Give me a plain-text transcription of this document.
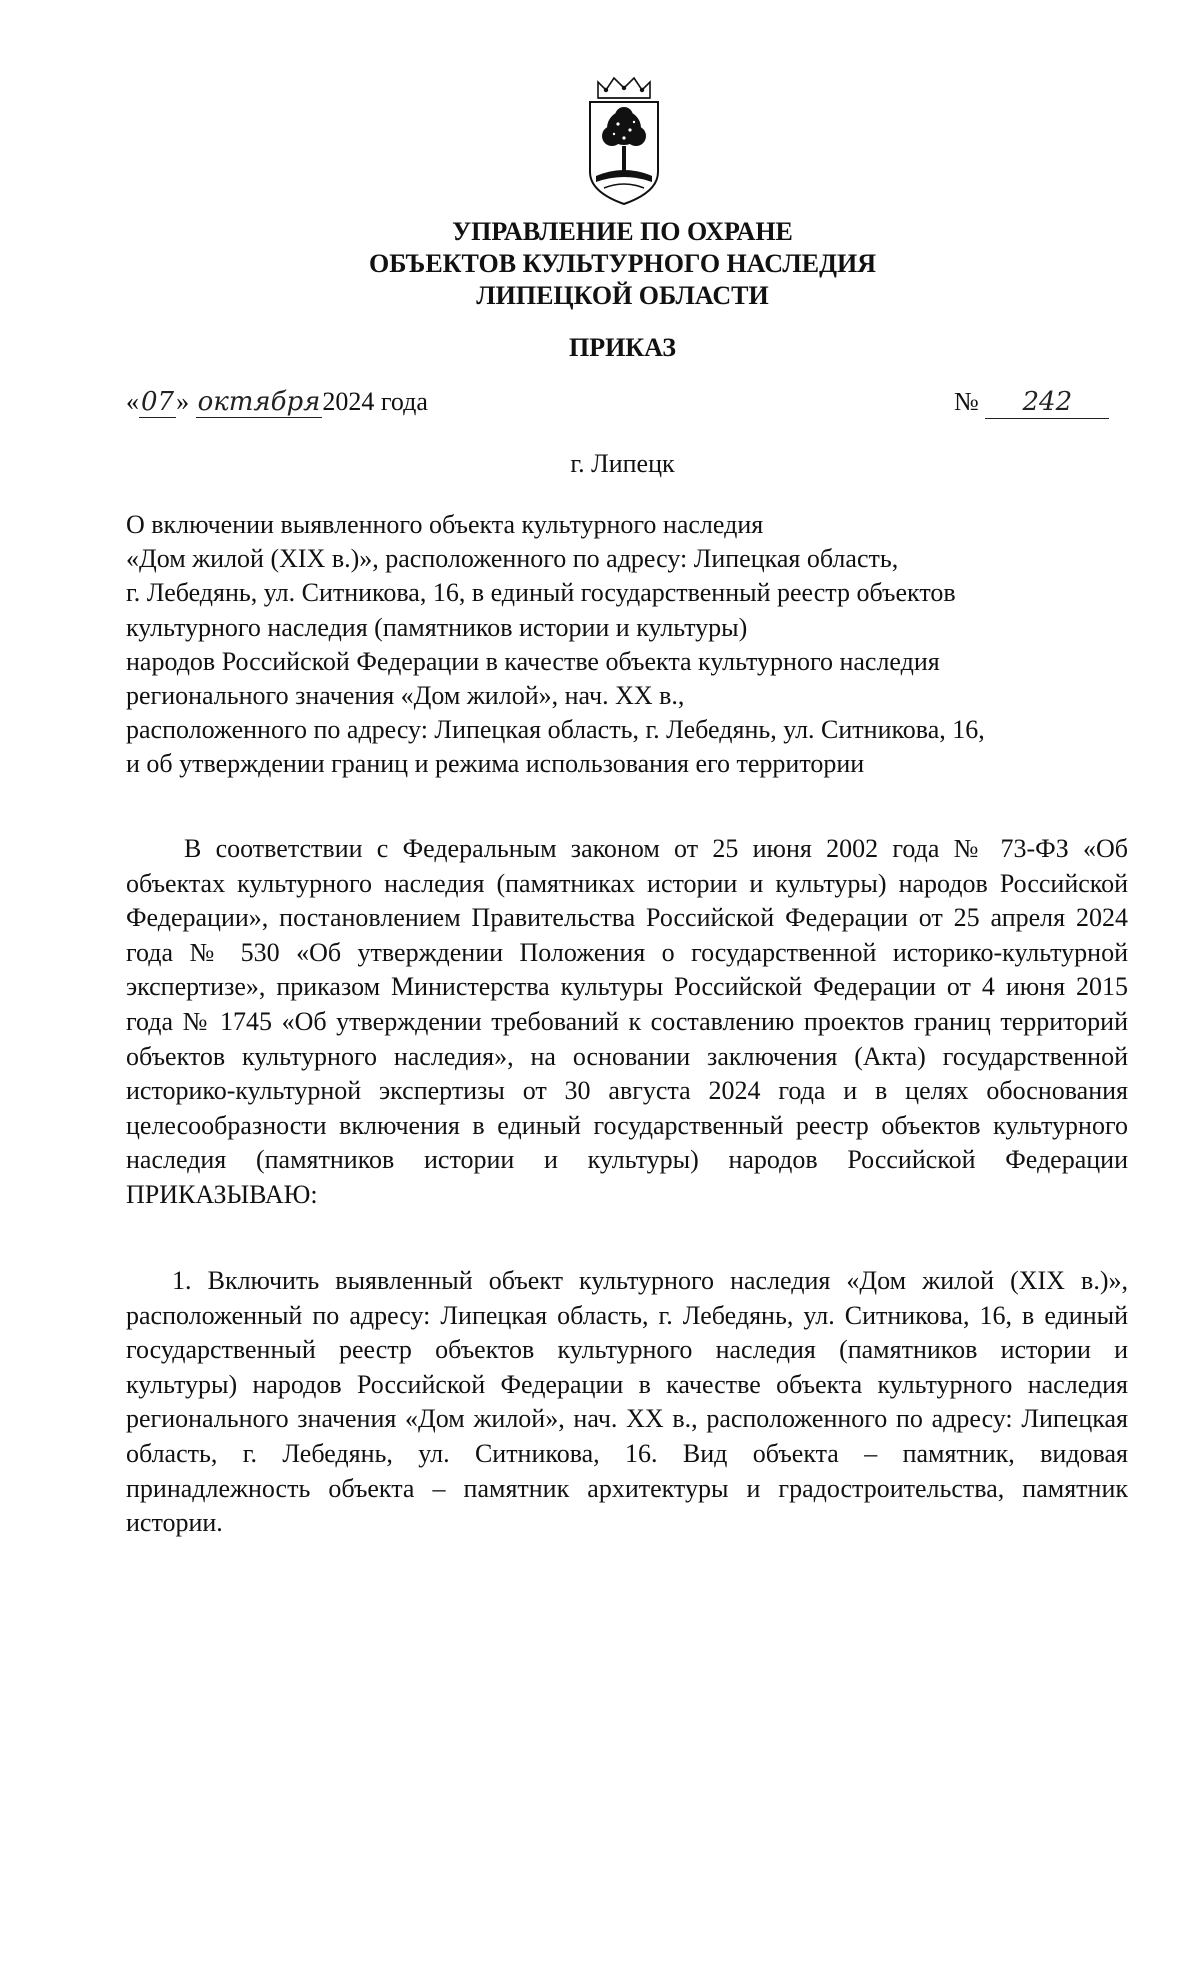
УПРАВЛЕНИЕ ПО ОХРАНЕ
ОБЪЕКТОВ КУЛЬТУРНОГО НАСЛЕДИЯ
ЛИПЕЦКОЙ ОБЛАСТИ
ПРИКАЗ
«07» октября2024 года	№ 242
г. Липецк
О включении выявленного объекта культурного наследия
«Дом жилой (XIX в.)», расположенного по адресу: Липецкая область,
г. Лебедянь, ул. Ситникова, 16, в единый государственный реестр объектов
культурного наследия (памятников истории и культуры)
народов Российской Федерации в качестве объекта культурного наследия
регионального значения «Дом жилой», нач. XX в.,
расположенного по адресу: Липецкая область, г. Лебедянь, ул. Ситникова, 16,
и об утверждении границ и режима использования его территории
В соответствии с Федеральным законом от 25 июня 2002 года № 73-ФЗ «Об объектах культурного наследия (памятниках истории и культуры) народов Российской Федерации», постановлением Правительства Российской Федерации от 25 апреля 2024 года № 530 «Об утверждении Положения о государственной историко-культурной экспертизе», приказом Министерства культуры Российской Федерации от 4 июня 2015 года № 1745 «Об утверждении требований к составлению проектов границ территорий объектов культурного наследия», на основании заключения (Акта) государственной историко-культурной экспертизы от 30 августа 2024 года и в целях обоснования целесообразности включения в единый государственный реестр объектов культурного наследия (памятников истории и культуры) народов Российской Федерации ПРИКАЗЫВАЮ:
1. Включить выявленный объект культурного наследия «Дом жилой (XIX в.)», расположенный по адресу: Липецкая область, г. Лебедянь, ул. Ситникова, 16, в единый государственный реестр объектов культурного наследия (памятников истории и культуры) народов Российской Федерации в качестве объекта культурного наследия регионального значения «Дом жилой», нач. XX в., расположенного по адресу: Липецкая область, г. Лебедянь, ул. Ситникова, 16. Вид объекта – памятник, видовая принадлежность объекта – памятник архитектуры и градостроительства, памятник истории.
